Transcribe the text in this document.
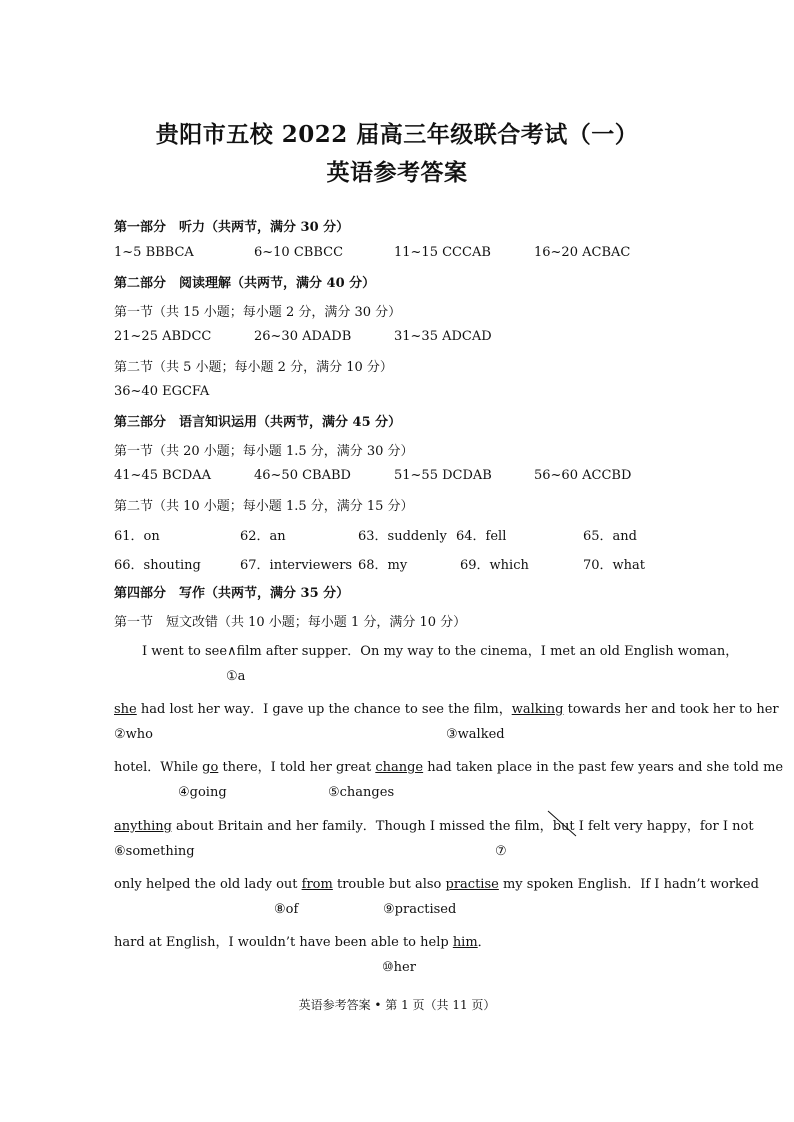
贵阳市五校 2022 届高三年级联合考试（一）
英语参考答案
第一部分　听力（共两节，满分 30 分）
1~5 BBBCA	6~10 CBBCC	11~15 CCCAB	16~20 ACBAC
第二部分　阅读理解（共两节，满分 40 分）
第一节（共 15 小题；每小题 2 分，满分 30 分）
21~25 ABDCC	26~30 ADADB	31~35 ADCAD
第二节（共 5 小题；每小题 2 分，满分 10 分）
36~40 EGCFA
第三部分　语言知识运用（共两节，满分 45 分）
第一节（共 20 小题；每小题 1.5 分，满分 30 分）
41~45 BCDAA	46~50 CBABD	51~55 DCDAB	56~60 ACCBD
第二节（共 10 小题；每小题 1.5 分，满分 15 分）
61．on	62．an	63．suddenly 64．fell	65．and
66．shouting	67．interviewers 68．my	69．which	70．what
第四部分　写作（共两节，满分 35 分）
第一节　短文改错（共 10 小题；每小题 1 分，满分 10 分）
I went to see∧film after supper．On my way to the cinema，I met an old English woman，
①a
she had lost her way．I gave up the chance to see the film，walking towards her and took her to her
②who	③walked
hotel．While go there，I told her great change had taken place in the past few years and she told me
④going	⑤changes
anything about Britain and her family．Though I missed the film，but
I felt very happy，for I not
⑥something	⑦
only helped the old lady out from trouble but also practise my spoken English．If I hadn’t worked
⑧of	⑨practised
hard at English，I wouldn’t have been able to help him．
⑩her
英语参考答案 • 第 1 页（共 11 页）
